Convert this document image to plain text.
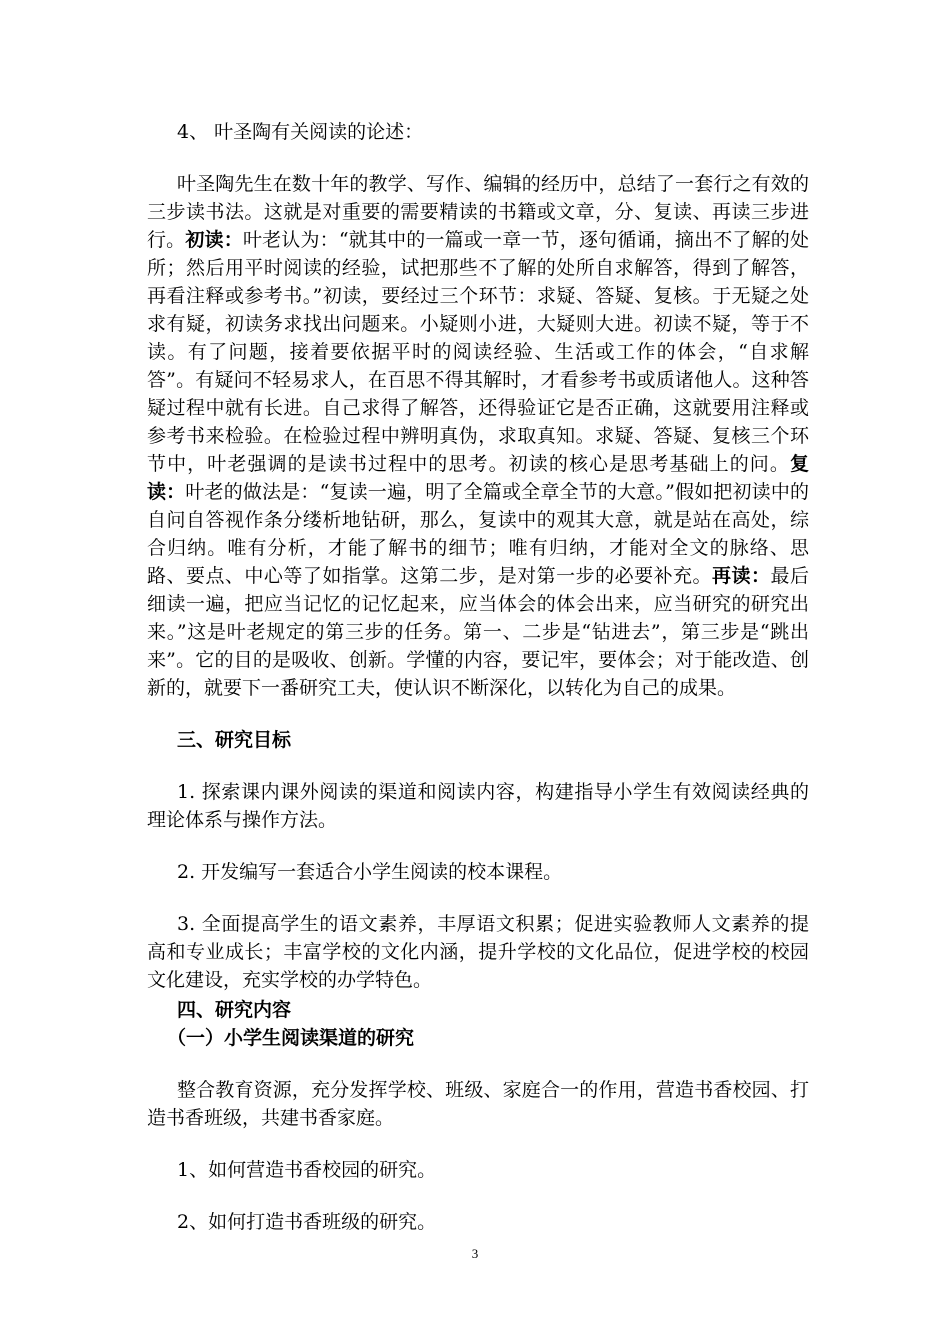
4、 叶圣陶有关阅读的论述：

叶圣陶先生在数十年的教学、写作、编辑的经历中，总结了一套行之有效的三步读书法。这就是对重要的需要精读的书籍或文章，分、复读、再读三步进行。初读：叶老认为：“就其中的一篇或一章一节，逐句循诵，摘出不了解的处所；然后用平时阅读的经验，试把那些不了解的处所自求解答，得到了解答，再看注释或参考书。”初读，要经过三个环节：求疑、答疑、复核。于无疑之处求有疑，初读务求找出问题来。小疑则小进，大疑则大进。初读不疑，等于不读。有了问题，接着要依据平时的阅读经验、生活或工作的体会，“自求解答”。有疑问不轻易求人，在百思不得其解时，才看参考书或质诸他人。这种答疑过程中就有长进。自己求得了解答，还得验证它是否正确，这就要用注释或参考书来检验。在检验过程中辨明真伪，求取真知。求疑、答疑、复核三个环节中，叶老强调的是读书过程中的思考。初读的核心是思考基础上的问。复读：叶老的做法是：“复读一遍，明了全篇或全章全节的大意。”假如把初读中的自问自答视作条分缕析地钻研，那么，复读中的观其大意，就是站在高处，综合归纳。唯有分析，才能了解书的细节；唯有归纳，才能对全文的脉络、思路、要点、中心等了如指掌。这第二步，是对第一步的必要补充。再读：最后细读一遍，把应当记忆的记忆起来，应当体会的体会出来，应当研究的研究出来。”这是叶老规定的第三步的任务。第一、二步是“钻进去”，第三步是“跳出来”。它的目的是吸收、创新。学懂的内容，要记牢，要体会；对于能改造、创新的，就要下一番研究工夫，使认识不断深化，以转化为自己的成果。

三、研究目标

1. 探索课内课外阅读的渠道和阅读内容，构建指导小学生有效阅读经典的理论体系与操作方法。

2. 开发编写一套适合小学生阅读的校本课程。

3. 全面提高学生的语文素养，丰厚语文积累；促进实验教师人文素养的提高和专业成长；丰富学校的文化内涵，提升学校的文化品位，促进学校的校园文化建设，充实学校的办学特色。

四、研究内容

（一）小学生阅读渠道的研究

整合教育资源，充分发挥学校、班级、家庭合一的作用，营造书香校园、打造书香班级，共建书香家庭。

1、如何营造书香校园的研究。

2、如何打造书香班级的研究。

3
